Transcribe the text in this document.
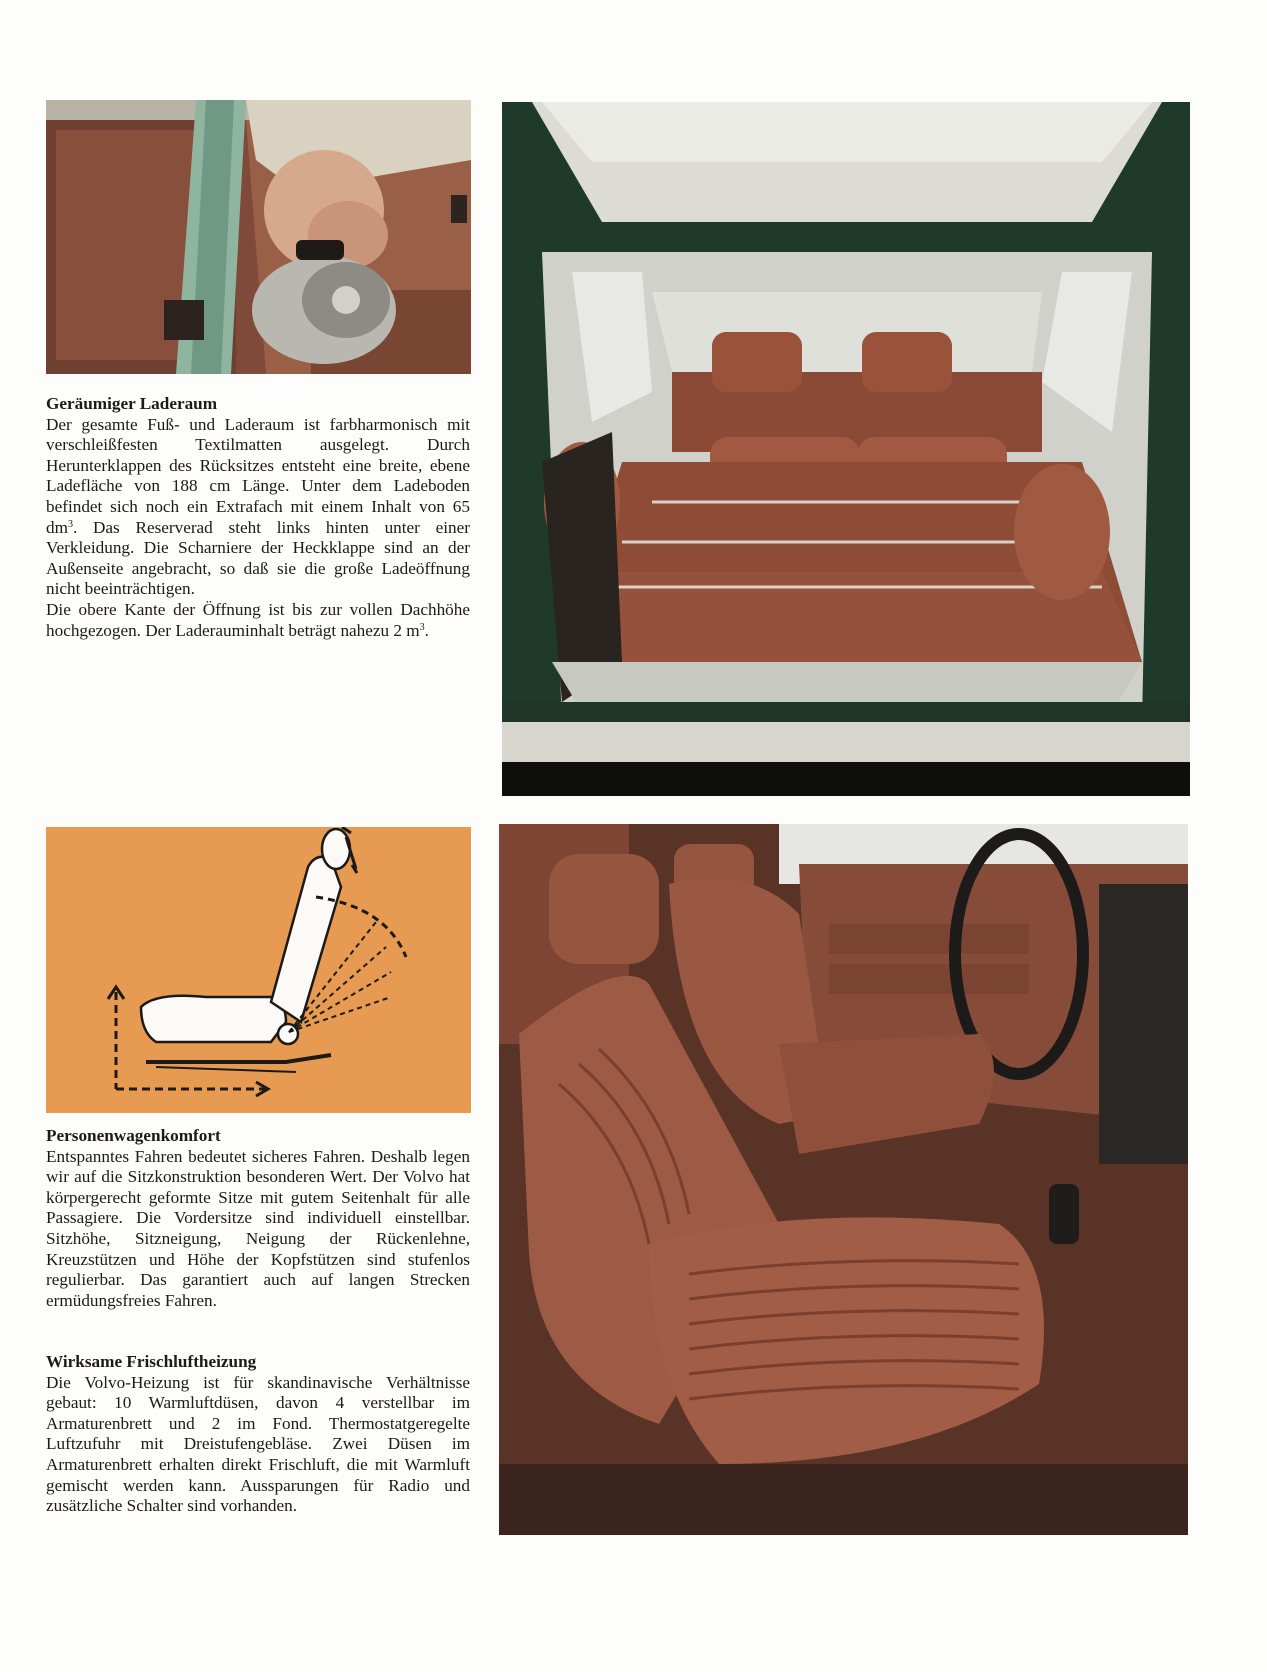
Geräumiger Laderaum

Der gesamte Fuß- und Laderaum ist farbharmonisch mit verschleißfesten Textilmatten ausgelegt. Durch Herunterklappen des Rücksitzes entsteht eine breite, ebene Ladefläche von 188 cm Länge. Unter dem Ladeboden befindet sich noch ein Extrafach mit einem Inhalt von 65 $dm^3$. Das Reserverad steht links hinten unter einer Verkleidung. Die Scharniere der Heckklappe sind an der Außenseite angebracht, so daß sie die große Ladeöffnung nicht beeinträchtigen.

Die obere Kante der Öffnung ist bis zur vollen Dachhöhe hochgezogen. Der Laderauminhalt beträgt nahezu 2 $m^3$.

Personenwagenkomfort

Entspanntes Fahren bedeutet sicheres Fahren. Deshalb legen wir auf die Sitzkonstruktion besonderen Wert. Der Volvo hat körpergerecht geformte Sitze mit gutem Seitenhalt für alle Passagiere. Die Vordersitze sind individuell einstellbar. Sitzhöhe, Sitzneigung, Neigung der Rückenlehne, Kreuzstützen und Höhe der Kopfstützen sind stufenlos regulierbar. Das garantiert auch auf langen Strecken ermüdungsfreies Fahren.

Wirksame Frischluftheizung

Die Volvo-Heizung ist für skandinavische Verhältnisse gebaut: 10 Warmluftdüsen, davon 4 verstellbar im Armaturenbrett und 2 im Fond. Thermostatgeregelte Luftzufuhr mit Dreistufengebläse. Zwei Düsen im Armaturenbrett erhalten direkt Frischluft, die mit Warmluft gemischt werden kann. Aussparungen für Radio und zusätzliche Schalter sind vorhanden.
